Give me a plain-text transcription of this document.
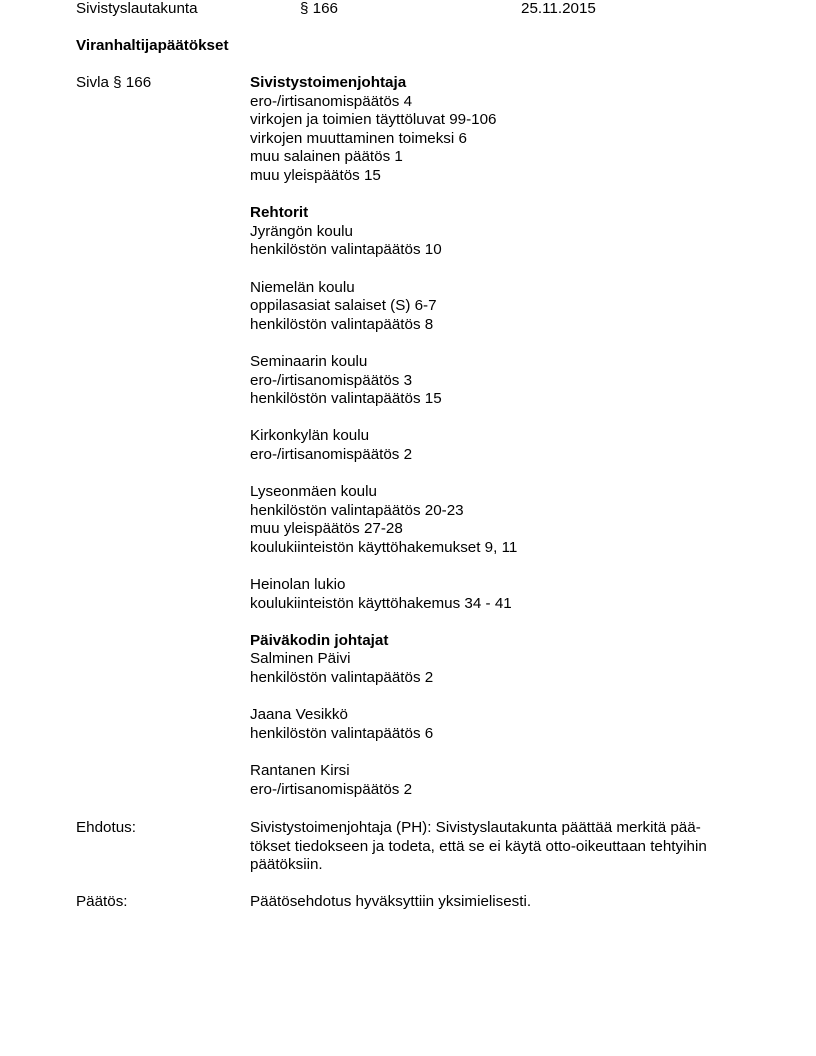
Sivistyslautakunta	§ 166	25.11.2015
Viranhaltijapäätökset
Sivla § 166	Sivistystoimenjohtaja
ero-/irtisanomispäätös 4
virkojen ja toimien täyttöluvat 99-106
virkojen muuttaminen toimeksi 6
muu salainen päätös 1
muu yleispäätös 15
Rehtorit
Jyrängön koulu
henkilöstön valintapäätös 10
Niemelän koulu
oppilasasiat salaiset (S) 6-7
henkilöstön valintapäätös 8
Seminaarin koulu
ero-/irtisanomispäätös 3
henkilöstön valintapäätös 15
Kirkonkylän koulu
ero-/irtisanomispäätös 2
Lyseonmäen koulu
henkilöstön valintapäätös 20-23
muu yleispäätös 27-28
koulukiinteistön käyttöhakemukset 9, 11
Heinolan lukio
koulukiinteistön käyttöhakemus 34 - 41
Päiväkodin johtajat
Salminen Päivi
henkilöstön valintapäätös 2
Jaana Vesikkö
henkilöstön valintapäätös 6
Rantanen Kirsi
ero-/irtisanomispäätös 2
Ehdotus:	Sivistystoimenjohtaja (PH): Sivistyslautakunta päättää merkitä pää-
tökset tiedokseen ja todeta, että se ei käytä otto-oikeuttaan tehtyihin
päätöksiin.
Päätös:	Päätösehdotus hyväksyttiin yksimielisesti.
